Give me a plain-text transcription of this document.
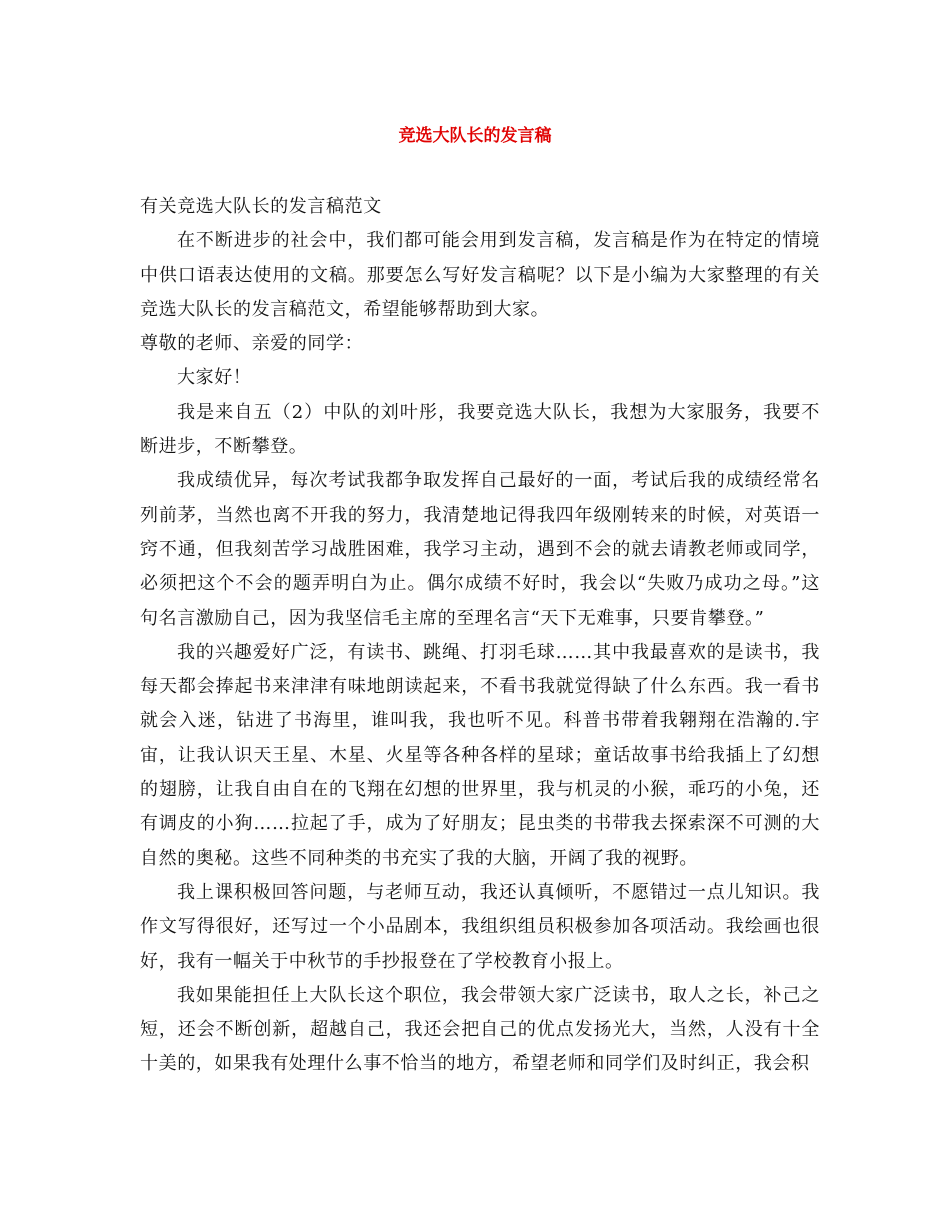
竞选大队长的发言稿

有关竞选大队长的发言稿范文

在不断进步的社会中，我们都可能会用到发言稿，发言稿是作为在特定的情境中供口语表达使用的文稿。那要怎么写好发言稿呢？以下是小编为大家整理的有关竞选大队长的发言稿范文，希望能够帮助到大家。

尊敬的老师、亲爱的同学：

大家好！

我是来自五（2）中队的刘叶彤，我要竞选大队长，我想为大家服务，我要不断进步，不断攀登。

我成绩优异，每次考试我都争取发挥自己最好的一面，考试后我的成绩经常名列前茅，当然也离不开我的努力，我清楚地记得我四年级刚转来的时候，对英语一窍不通，但我刻苦学习战胜困难，我学习主动，遇到不会的就去请教老师或同学，必须把这个不会的题弄明白为止。偶尔成绩不好时，我会以“失败乃成功之母。”这句名言激励自己，因为我坚信毛主席的至理名言“天下无难事，只要肯攀登。”

我的兴趣爱好广泛，有读书、跳绳、打羽毛球……其中我最喜欢的是读书，我每天都会捧起书来津津有味地朗读起来，不看书我就觉得缺了什么东西。我一看书就会入迷，钻进了书海里，谁叫我，我也听不见。科普书带着我翱翔在浩瀚的.宇宙，让我认识天王星、木星、火星等各种各样的星球；童话故事书给我插上了幻想的翅膀，让我自由自在的飞翔在幻想的世界里，我与机灵的小猴，乖巧的小兔，还有调皮的小狗……拉起了手，成为了好朋友；昆虫类的书带我去探索深不可测的大自然的奥秘。这些不同种类的书充实了我的大脑，开阔了我的视野。

我上课积极回答问题，与老师互动，我还认真倾听，不愿错过一点儿知识。我作文写得很好，还写过一个小品剧本，我组织组员积极参加各项活动。我绘画也很好，我有一幅关于中秋节的手抄报登在了学校教育小报上。

我如果能担任上大队长这个职位，我会带领大家广泛读书，取人之长，补己之短，还会不断创新，超越自己，我还会把自己的优点发扬光大，当然，人没有十全十美的，如果我有处理什么事不恰当的地方，希望老师和同学们及时纠正，我会积
